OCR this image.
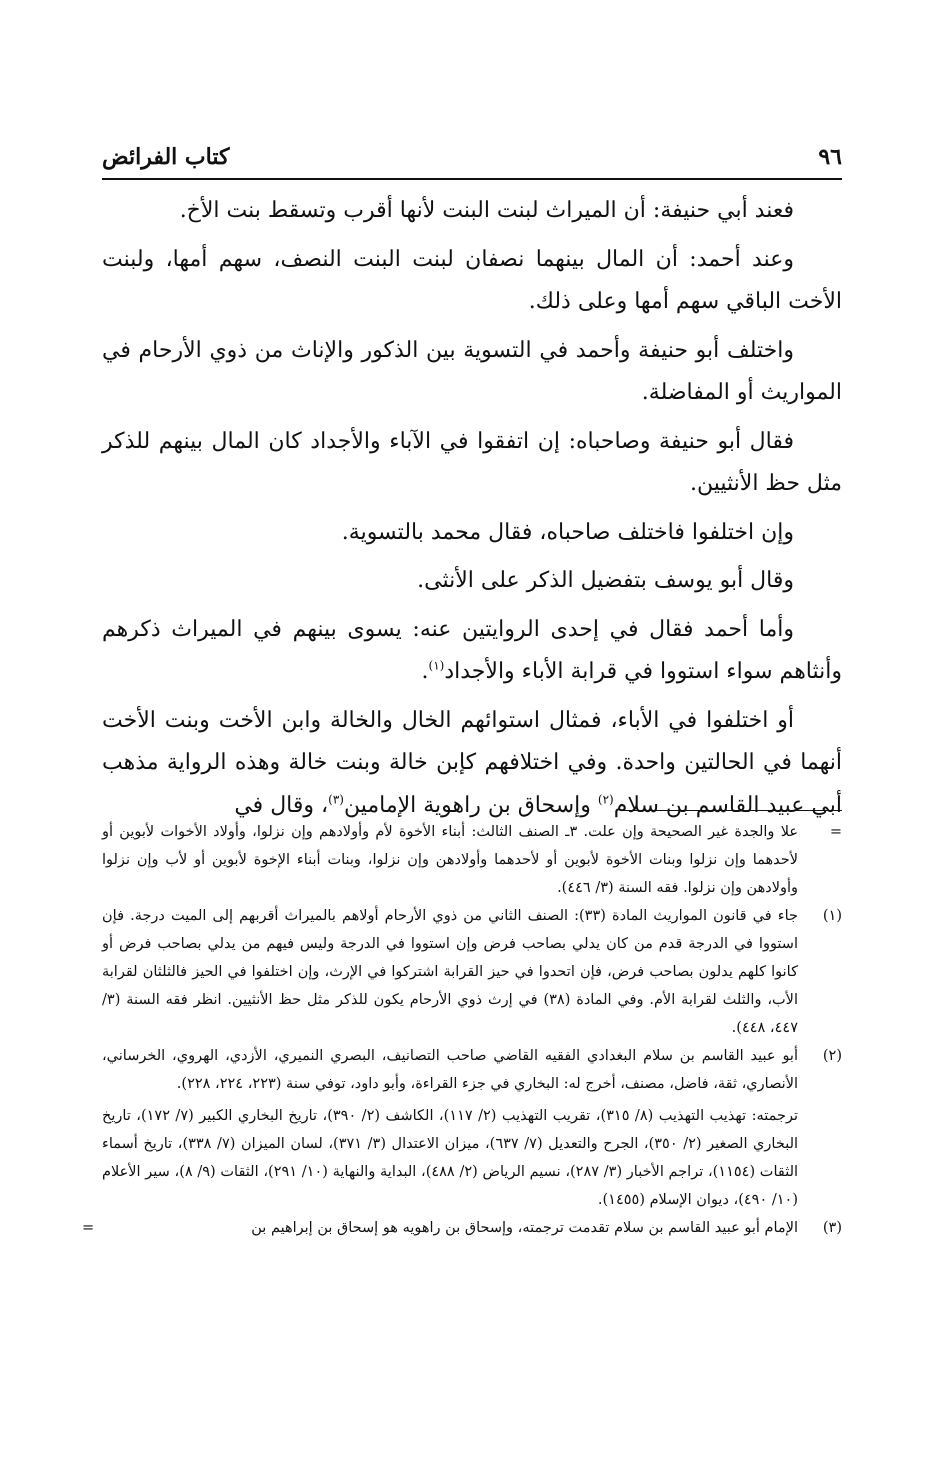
٩٦
كتاب الفرائض

فعند أبي حنيفة: أن الميراث لبنت البنت لأنها أقرب وتسقط بنت الأخ.

وعند أحمد: أن المال بينهما نصفان لبنت البنت النصف، سهم أمها، ولبنت الأخت الباقي سهم أمها وعلى ذلك.

واختلف أبو حنيفة وأحمد في التسوية بين الذكور والإناث من ذوي الأرحام في المواريث أو المفاضلة.

فقال أبو حنيفة وصاحباه: إن اتفقوا في الآباء والأجداد كان المال بينهم للذكر مثل حظ الأنثيين.

وإن اختلفوا فاختلف صاحباه، فقال محمد بالتسوية.

وقال أبو يوسف بتفضيل الذكر على الأنثى.

وأما أحمد فقال في إحدى الروايتين عنه: يسوى بينهم في الميراث ذكرهم وأنثاهم سواء استووا في قرابة الأباء والأجداد$^{(١)}$.

أو اختلفوا في الأباء، فمثال استوائهم الخال والخالة وابن الأخت وبنت الأخت أنهما في الحالتين واحدة. وفي اختلافهم كإبن خالة وبنت خالة وهذه الرواية مذهب أبي عبيد القاسم بن سلام$^{(٢)}$ وإسحاق بن راهوية الإمامين$^{(٣)}$، وقال في

=

علا والجدة غير الصحيحة وإن علت. ٣ـ الصنف الثالث: أبناء الأخوة لأم وأولادهم وإن نزلوا، وأولاد الأخوات لأبوين أو لأحدهما وإن نزلوا وبنات الأخوة لأبوين أو لأحدهما وأولادهن وإن نزلوا، وبنات أبناء الإخوة لأبوين أو لأب وإن نزلوا وأولادهن وإن نزلوا. فقه السنة (٣/ ٤٤٦).

(١)

جاء في قانون المواريث المادة (٣٣): الصنف الثاني من ذوي الأرحام أولاهم بالميراث أقربهم إلى الميت درجة. فإن استووا في الدرجة قدم من كان يدلي بصاحب فرض وإن استووا في الدرجة وليس فيهم من يدلي بصاحب فرض أو كانوا كلهم يدلون بصاحب فرض، فإن اتحدوا في حيز القرابة اشتركوا في الإرث، وإن اختلفوا في الحيز فالثلثان لقرابة الأب، والثلث لقرابة الأم. وفي المادة (٣٨) في إرث ذوي الأرحام يكون للذكر مثل حظ الأنثيين. انظر فقه السنة (٣/ ٤٤٧، ٤٤٨).

(٢)

أبو عبيد القاسم بن سلام البغدادي الفقيه القاضي صاحب التصانيف، البصري النميري، الأزدي، الهروي، الخرساني، الأنصاري، ثقة، فاضل، مصنف، أخرج له: البخاري في جزء القراءة، وأبو داود، توفي سنة (٢٢٣، ٢٢٤، ٢٢٨).

ترجمته: تهذيب التهذيب (٨/ ٣١٥)، تقريب التهذيب (٢/ ١١٧)، الكاشف (٢/ ٣٩٠)، تاريخ البخاري الكبير (٧/ ١٧٢)، تاريخ البخاري الصغير (٢/ ٣٥٠)، الجرح والتعديل (٧/ ٦٣٧)، ميزان الاعتدال (٣/ ٣٧١)، لسان الميزان (٧/ ٣٣٨)، تاريخ أسماء الثقات (١١٥٤)، تراجم الأخبار (٣/ ٢٨٧)، نسيم الرياض (٢/ ٤٨٨)، البداية والنهاية (١٠/ ٢٩١)، الثقات (٩/ ٨)، سير الأعلام (١٠/ ٤٩٠)، ديوان الإسلام (١٤٥٥).

(٣)

الإمام أبو عبيد القاسم بن سلام تقدمت ترجمته، وإسحاق بن راهويه هو إسحاق بن إبراهيم بن

=
